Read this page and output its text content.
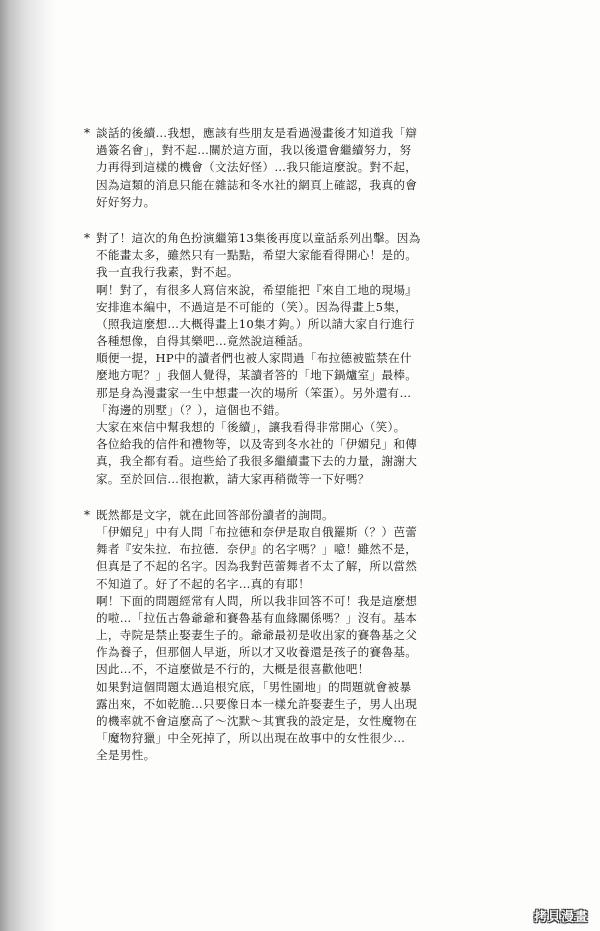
* 談話的後續…我想，應該有些朋友是看過漫畫後才知道我「辯
過簽名會」，對不起…關於這方面，我以後還會繼續努力，努
力再得到這樣的機會（文法好怪）…我只能這麼說。對不起，
因為這類的消息只能在雜誌和冬水社的網頁上確認，我真的會
好好努力。
* 對了！這次的角色扮演繼第13集後再度以童話系列出擊。因為
不能畫太多，雖然只有一點點，希望大家能看得開心！是的。
我一直我行我素，對不起。
啊！對了，有很多人寫信來說，希望能把『來自工地的現場』
安排進本編中，不過這是不可能的（笑）。因為得畫上5集，
（照我這麼想…大概得畫上10集才夠。）所以請大家自行進行
各種想像，自得其樂吧…竟然說這種話。
順便一提，HP中的讀者們也被人家問過「布拉德被監禁在什
麼地方呢？」我個人覺得，某讀者答的「地下鍋爐室」最棒。
那是身為漫畫家一生中想畫一次的場所（笨蛋）。另外還有…
「海邊的別墅」（？），這個也不錯。
大家在來信中幫我想的「後續」，讓我看得非常開心（笑）。
各位給我的信件和禮物等，以及寄到冬水社的「伊媚兒」和傳
真，我全都有看。這些給了我很多繼續畫下去的力量，謝謝大
家。至於回信…很抱歉，請大家再稍微等一下好嗎？
* 既然都是文字，就在此回答部份讀者的詢問。
「伊媚兒」中有人問「布拉德和奈伊是取自俄羅斯（？）芭蕾
舞者『安朱拉．布拉德．奈伊』的名字嗎？」噫！雖然不是，
但真是了不起的名字。因為我對芭蕾舞者不太了解，所以當然
不知道了。好了不起的名字…真的有耶！
啊！下面的問題經常有人問，所以我非回答不可！我是這麼想
的啦…「拉伍古魯爺爺和賽魯基有血緣關係嗎？」沒有。基本
上，寺院是禁止娶妻生子的。爺爺最初是收出家的賽魯基之父
作為養子，但那個人早逝，所以才又收養還是孩子的賽魯基。
因此…不，不這麼做是不行的，大概是很喜歡他吧！
如果對這個問題太過追根究底，「男性園地」的問題就會被暴
露出來，不如乾脆…只要像日本一樣允許娶妻生子，男人出現
的機率就不會這麼高了～沈默～其實我的設定是，女性魔物在
「魔物狩獵」中全死掉了，所以出現在故事中的女性很少…
全是男性。
拷貝漫畫
